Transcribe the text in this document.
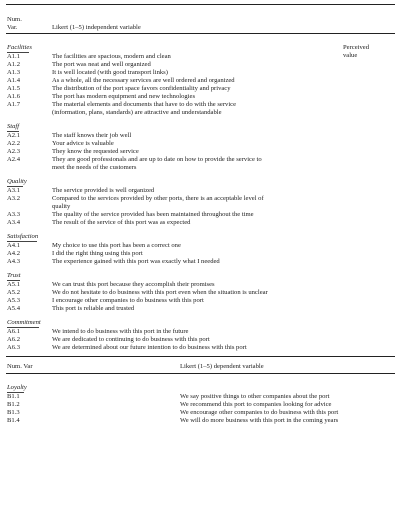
Num.
Var.	Likert (1–5) independent variable
Perceived
value
Facilities
A1.1	The facilities are spacious, modern and clean
A1.2	The port was neat and well organized
A1.3	It is well located (with good transport links)
A1.4	As a whole, all the necessary services are well ordered and organized
A1.5	The distribution of the port space favors confidentiality and privacy
A1.6	The port has modern equipment and new technologies
A1.7	The material elements and documents that have to do with the service
(information, plans, standards) are attractive and understandable
Staff
A2.1	The staff knows their job well
A2.2	Your advice is valuable
A2.3	They know the requested service
A2.4	They are good professionals and are up to date on how to provide the service to
meet the needs of the customers
Quality
A3.1	The service provided is well organized
A3.2	Compared to the services provided by other ports, there is an acceptable level of
quality
A3.3	The quality of the service provided has been maintained throughout the time
A3.4	The result of the service of this port was as expected
Satisfaction
A4.1	My choice to use this port has been a correct one
A4.2	I did the right thing using this port
A4.3	The experience gained with this port was exactly what I needed
Trust
A5.1	We can trust this port because they accomplish their promises
A5.2	We do not hesitate to do business with this port even when the situation is unclear
A5.3	I encourage other companies to do business with this port
A5.4	This port is reliable and trusted
Commitment
A6.1	We intend to do business with this port in the future
A6.2	We are dedicated to continuing to do business with this port
A6.3	We are determined about our future intention to do business with this port
Num. Var	Likert (1–5) dependent variable
Loyalty
B1.1	We say positive things to other companies about the port
B1.2	We recommend this port to companies looking for advice
B1.3	We encourage other companies to do business with this port
B1.4	We will do more business with this port in the coming years
